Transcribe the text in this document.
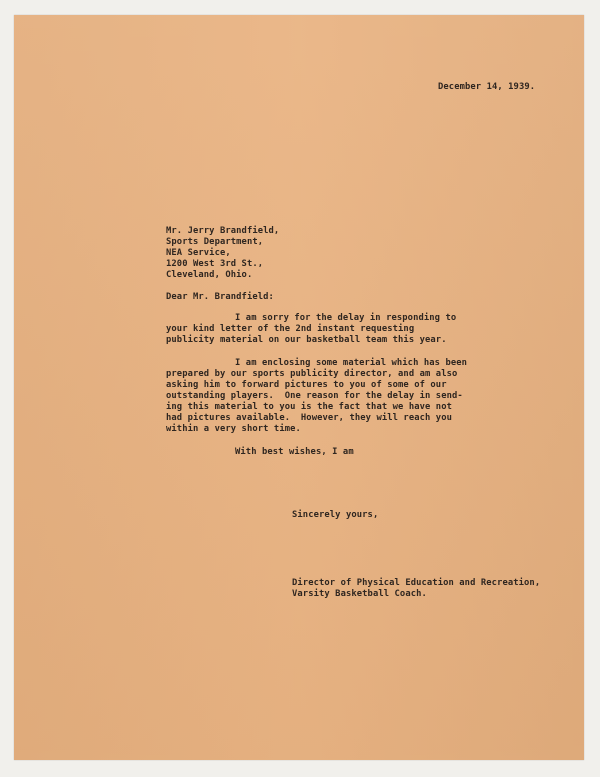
December 14, 1939.

Mr. Jerry Brandfield,

Sports Department,

NEA Service,

1200 West 3rd St.,

Cleveland, Ohio.

Dear Mr. Brandfield:

I am sorry for the delay in responding to

your kind letter of the 2nd instant requesting

publicity material on our basketball team this year.

I am enclosing some material which has been

prepared by our sports publicity director, and am also

asking him to forward pictures to you of some of our

outstanding players.  One reason for the delay in send-

ing this material to you is the fact that we have not

had pictures available.  However, they will reach you

within a very short time.

With best wishes, I am

Sincerely yours,

Director of Physical Education and Recreation,

Varsity Basketball Coach.
